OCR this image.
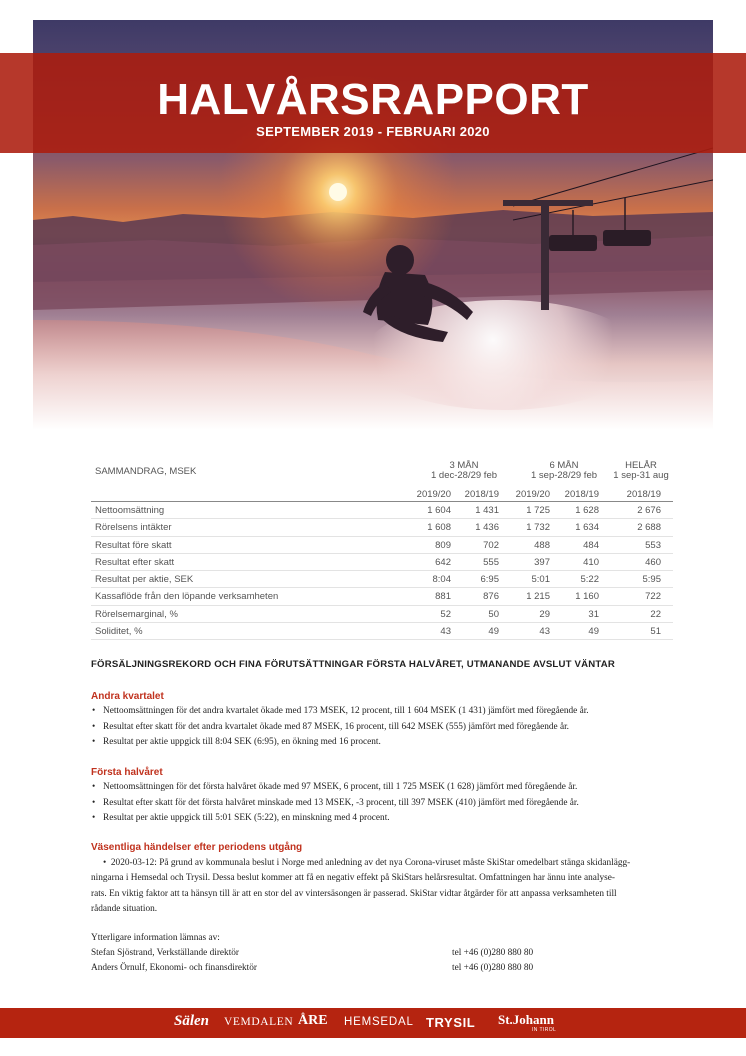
HALVÅRSRAPPORT
SEPTEMBER 2019 - FEBRUARI 2020
SAMMANDRAG, MSEK
3 MÅN
1 dec-28/29 feb
6 MÅN
1 sep-28/29 feb
HELÅR
1 sep-31 aug
2019/20	2018/19	2019/20	2018/19	2018/19
Nettoomsättning	1 604	1 431	1 725	1 628	2 676
Rörelsens intäkter	1 608	1 436	1 732	1 634	2 688
Resultat före skatt	809	702	488	484	553
Resultat efter skatt	642	555	397	410	460
Resultat per aktie, SEK	8:04	6:95	5:01	5:22	5:95
Kassaflöde från den löpande verksamheten	881	876	1 215	1 160	722
Rörelsemarginal, %	52	50	29	31	22
Soliditet, %	43	49	43	49	51
FÖRSÄLJNINGSREKORD OCH FINA FÖRUTSÄTTNINGAR FÖRSTA HALVÅRET, UTMANANDE AVSLUT VÄNTAR
Andra kvartalet
• Nettoomsättningen för det andra kvartalet ökade med 173 MSEK, 12 procent, till 1 604 MSEK (1 431) jämfört med föregående år.
• Resultat efter skatt för det andra kvartalet ökade med 87 MSEK, 16 procent, till 642 MSEK (555) jämfört med föregående år.
• Resultat per aktie uppgick till 8:04 SEK (6:95), en ökning med 16 procent.
Första halvåret
• Nettoomsättningen för det första halvåret ökade med 97 MSEK, 6 procent, till 1 725 MSEK (1 628) jämfört med föregående år.
• Resultat efter skatt för det första halvåret minskade med 13 MSEK, -3 procent, till 397 MSEK (410) jämfört med föregående år.
• Resultat per aktie uppgick till 5:01 SEK (5:22), en minskning med 4 procent.
Väsentliga händelser efter periodens utgång
•  2020-03-12: På grund av kommunala beslut i Norge med anledning av det nya Corona-viruset måste SkiStar omedelbart stänga skidanlägg-
ningarna i Hemsedal och Trysil. Dessa beslut kommer att få en negativ effekt på SkiStars helårsresultat. Omfattningen har ännu inte analyse-
rats. En viktig faktor att ta hänsyn till är att en stor del av vintersäsongen är passerad. SkiStar vidtar åtgärder för att anpassa verksamheten till
rådande situation.
Ytterligare information lämnas av:
Stefan Sjöstrand, Verkställande direktör	tel +46 (0)280 880 80
Anders Örnulf, Ekonomi- och finansdirektör	tel +46 (0)280 880 80
Sälen VEMDALEN ÅRE HEMSEDAL TRYSIL St.Johann
IN TIROL
